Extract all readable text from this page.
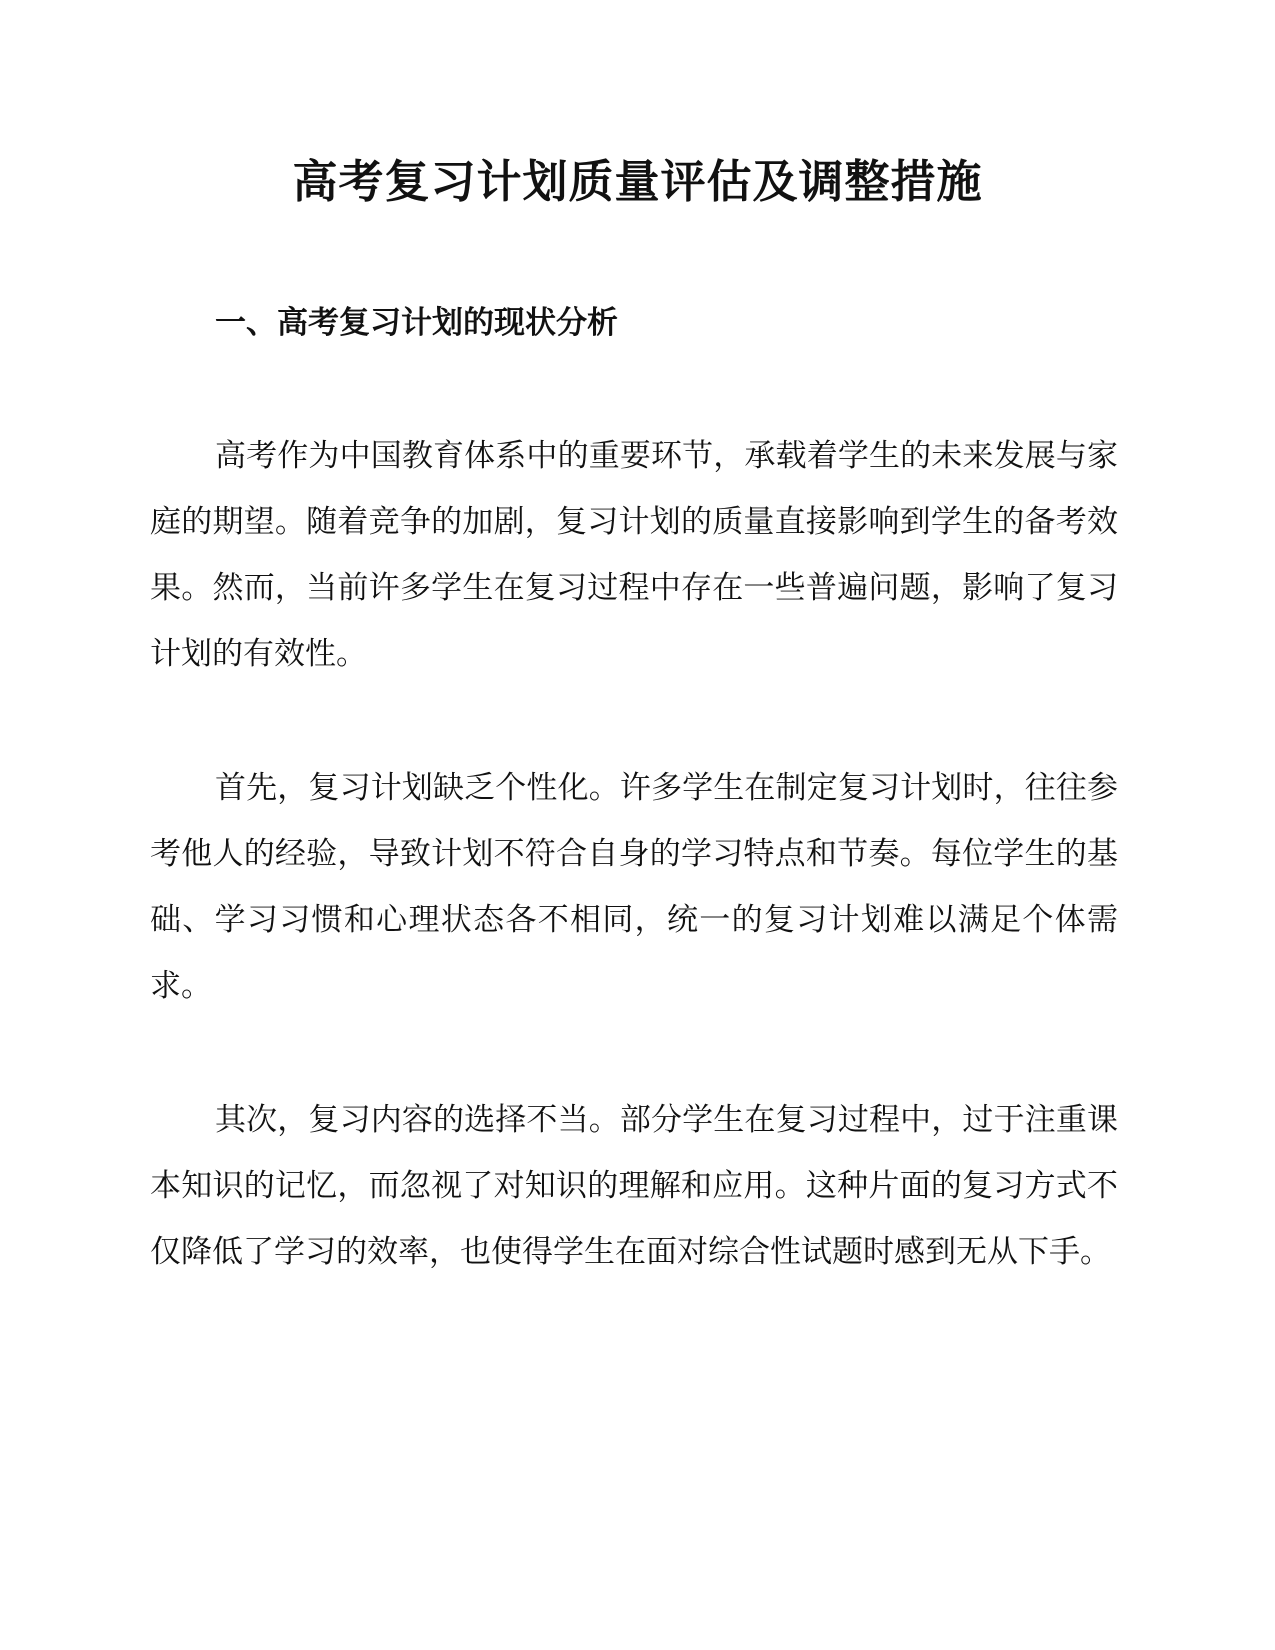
高考复习计划质量评估及调整措施
一、高考复习计划的现状分析

高考作为中国教育体系中的重要环节，承载着学生的未来发展与家庭的期望。随着竞争的加剧，复习计划的质量直接影响到学生的备考效果。然而，当前许多学生在复习过程中存在一些普遍问题，影响了复习计划的有效性。

首先，复习计划缺乏个性化。许多学生在制定复习计划时，往往参考他人的经验，导致计划不符合自身的学习特点和节奏。每位学生的基础、学习习惯和心理状态各不相同，统一的复习计划难以满足个体需求。

其次，复习内容的选择不当。部分学生在复习过程中，过于注重课本知识的记忆，而忽视了对知识的理解和应用。这种片面的复习方式不仅降低了学习的效率，也使得学生在面对综合性试题时感到无从下手。
